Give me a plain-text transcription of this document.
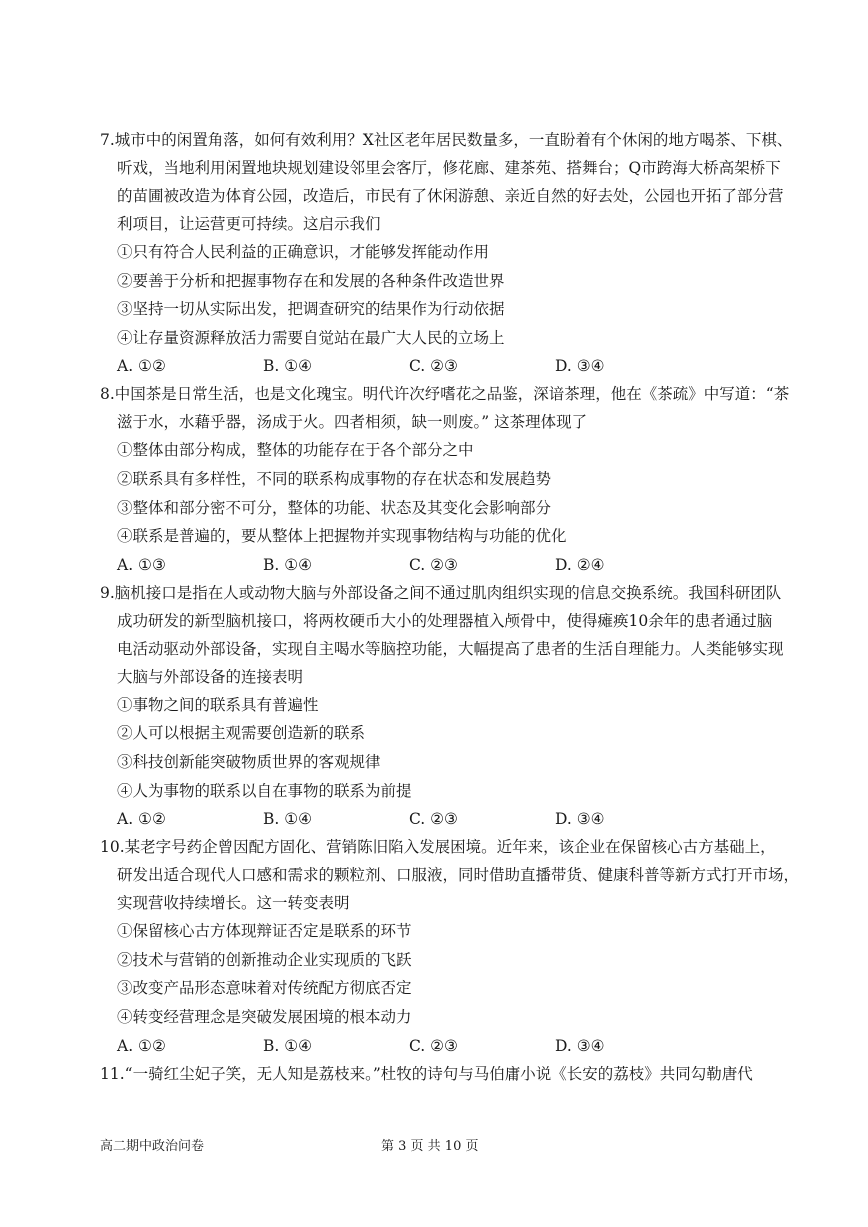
7.城市中的闲置角落，如何有效利用？X社区老年居民数量多，一直盼着有个休闲的地方喝茶、下棋、
听戏，当地利用闲置地块规划建设邻里会客厅，修花廊、建茶苑、搭舞台；Q市跨海大桥高架桥下
的苗圃被改造为体育公园，改造后，市民有了休闲游憩、亲近自然的好去处，公园也开拓了部分营
利项目，让运营更可持续。这启示我们
①只有符合人民利益的正确意识，才能够发挥能动作用
②要善于分析和把握事物存在和发展的各种条件改造世界
③坚持一切从实际出发，把调查研究的结果作为行动依据
④让存量资源释放活力需要自觉站在最广大人民的立场上
A. ①②	B. ①④	C. ②③	D. ③④
8.中国茶是日常生活，也是文化瑰宝。明代许次纾嗜花之品鉴，深谙茶理，他在《茶疏》中写道：“茶
滋于水，水藉乎器，汤成于火。四者相须，缺一则废。” 这茶理体现了
①整体由部分构成，整体的功能存在于各个部分之中
②联系具有多样性，不同的联系构成事物的存在状态和发展趋势
③整体和部分密不可分，整体的功能、状态及其变化会影响部分
④联系是普遍的，要从整体上把握物并实现事物结构与功能的优化
A. ①③	B. ①④	C. ②③	D. ②④
9.脑机接口是指在人或动物大脑与外部设备之间不通过肌肉组织实现的信息交换系统。我国科研团队
成功研发的新型脑机接口，将两枚硬币大小的处理器植入颅骨中，使得瘫痪10余年的患者通过脑
电活动驱动外部设备，实现自主喝水等脑控功能，大幅提高了患者的生活自理能力。人类能够实现
大脑与外部设备的连接表明
①事物之间的联系具有普遍性
②人可以根据主观需要创造新的联系
③科技创新能突破物质世界的客观规律
④人为事物的联系以自在事物的联系为前提
A. ①②	B. ①④	C. ②③	D. ③④
10.某老字号药企曾因配方固化、营销陈旧陷入发展困境。近年来，该企业在保留核心古方基础上，
研发出适合现代人口感和需求的颗粒剂、口服液，同时借助直播带货、健康科普等新方式打开市场，
实现营收持续增长。这一转变表明
①保留核心古方体现辩证否定是联系的环节
②技术与营销的创新推动企业实现质的飞跃
③改变产品形态意味着对传统配方彻底否定
④转变经营理念是突破发展困境的根本动力
A. ①②	B. ①④	C. ②③	D. ③④
11.“一骑红尘妃子笑，无人知是荔枝来。”杜牧的诗句与马伯庸小说《长安的荔枝》共同勾勒唐代
高二期中政治问卷	第 3 页 共 10 页
